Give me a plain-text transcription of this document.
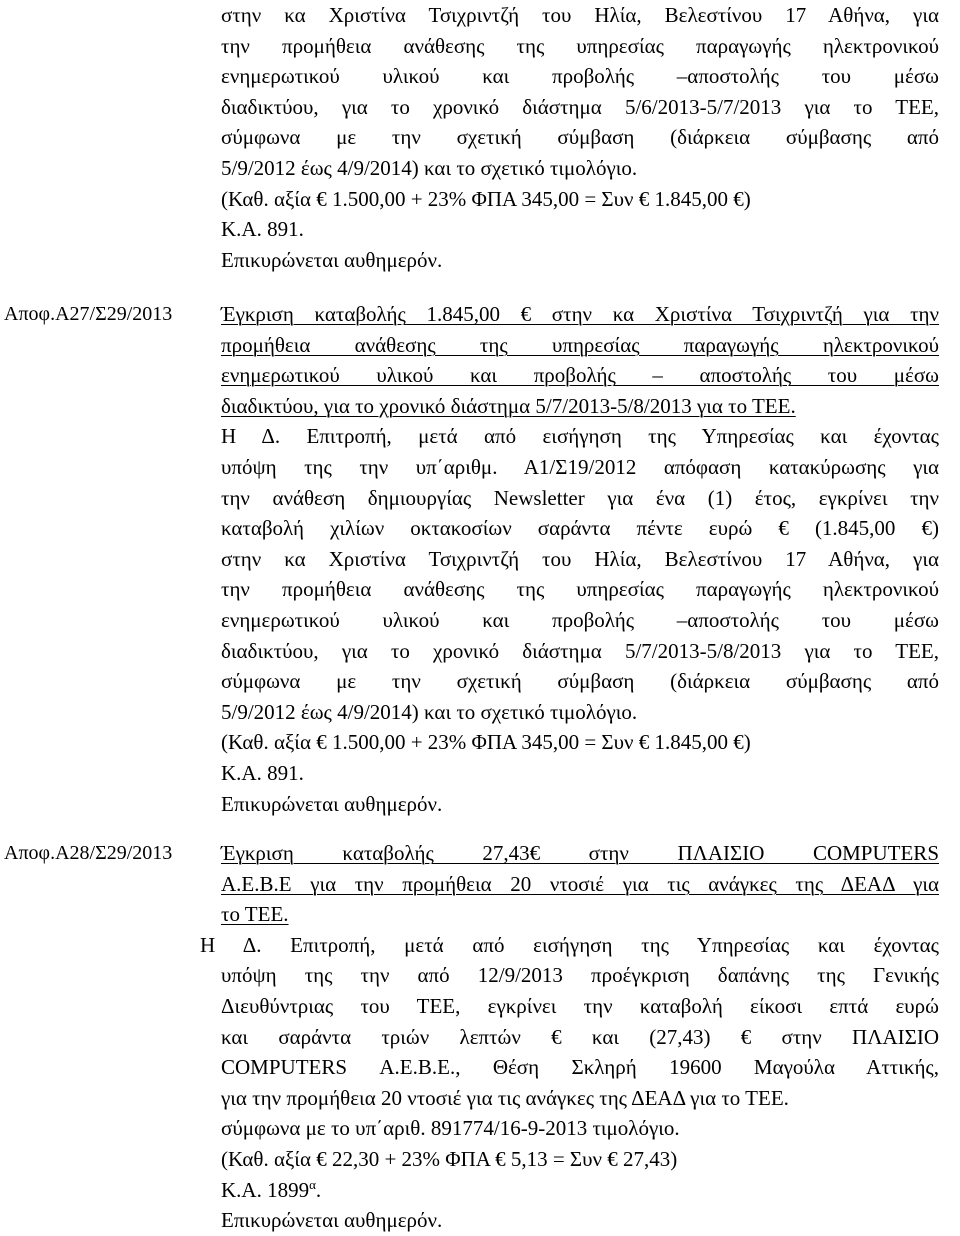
στην κα Χριστίνα Τσιχριντζή του Ηλία, Βελεστίνου 17 Αθήνα, για
την προμήθεια ανάθεσης της υπηρεσίας παραγωγής ηλεκτρονικού
ενημερωτικού υλικού και προβολής –αποστολής του μέσω
διαδικτύου, για το χρονικό διάστημα 5/6/2013-5/7/2013 για το ΤΕΕ,
σύμφωνα με την σχετική σύμβαση (διάρκεια σύμβασης από
5/9/2012 έως 4/9/2014) και το σχετικό τιμολόγιο.
(Καθ. αξία € 1.500,00 + 23% ΦΠΑ 345,00 = Συν € 1.845,00 €)
Κ.Α. 891.
Επικυρώνεται αυθημερόν.
Αποφ.Α27/Σ29/2013 Έγκριση καταβολής 1.845,00 € στην κα Χριστίνα Τσιχριντζή για την
προμήθεια ανάθεσης της υπηρεσίας παραγωγής ηλεκτρονικού
ενημερωτικού υλικού και προβολής – αποστολής του μέσω
διαδικτύου, για το χρονικό διάστημα 5/7/2013-5/8/2013 για το ΤΕΕ.
Η Δ. Επιτροπή, μετά από εισήγηση της Υπηρεσίας και έχοντας
υπόψη της την υπ΄αριθμ. Α1/Σ19/2012 απόφαση κατακύρωσης για
την ανάθεση δημιουργίας Newsletter για ένα (1) έτος, εγκρίνει την
καταβολή χιλίων οκτακοσίων σαράντα πέντε ευρώ € (1.845,00 €)
στην κα Χριστίνα Τσιχριντζή του Ηλία, Βελεστίνου 17 Αθήνα, για
την προμήθεια ανάθεσης της υπηρεσίας παραγωγής ηλεκτρονικού
ενημερωτικού υλικού και προβολής –αποστολής του μέσω
διαδικτύου, για το χρονικό διάστημα 5/7/2013-5/8/2013 για το ΤΕΕ,
σύμφωνα με την σχετική σύμβαση (διάρκεια σύμβασης από
5/9/2012 έως 4/9/2014) και το σχετικό τιμολόγιο.
(Καθ. αξία € 1.500,00 + 23% ΦΠΑ 345,00 = Συν € 1.845,00 €)
Κ.Α. 891.
Επικυρώνεται αυθημερόν.
Αποφ.Α28/Σ29/2013 Έγκριση καταβολής 27,43€ στην ΠΛΑΙΣΙΟ COMPUTERS
Α.Ε.Β.Ε για την προμήθεια 20 ντοσιέ για τις ανάγκες της ΔΕΑΔ για
το ΤΕΕ.
Η Δ. Επιτροπή, μετά από εισήγηση της Υπηρεσίας και έχοντας
υπόψη της την από 12/9/2013 προέγκριση δαπάνης της Γενικής
Διευθύντριας του ΤΕΕ, εγκρίνει την καταβολή είκοσι επτά ευρώ
και σαράντα τριών λεπτών € και (27,43) € στην ΠΛΑΙΣΙΟ
COMPUTERS Α.Ε.Β.Ε., Θέση Σκληρή 19600 Μαγούλα Αττικής,
για την προμήθεια 20 ντοσιέ για τις ανάγκες της ΔΕΑΔ για το ΤΕΕ.
σύμφωνα με το υπ΄αριθ. 891774/16-9-2013 τιμολόγιο.
(Καθ. αξία € 22,30 + 23% ΦΠΑ € 5,13 = Συν € 27,43)
Κ.Α. $1899^\alpha$.
Επικυρώνεται αυθημερόν.
